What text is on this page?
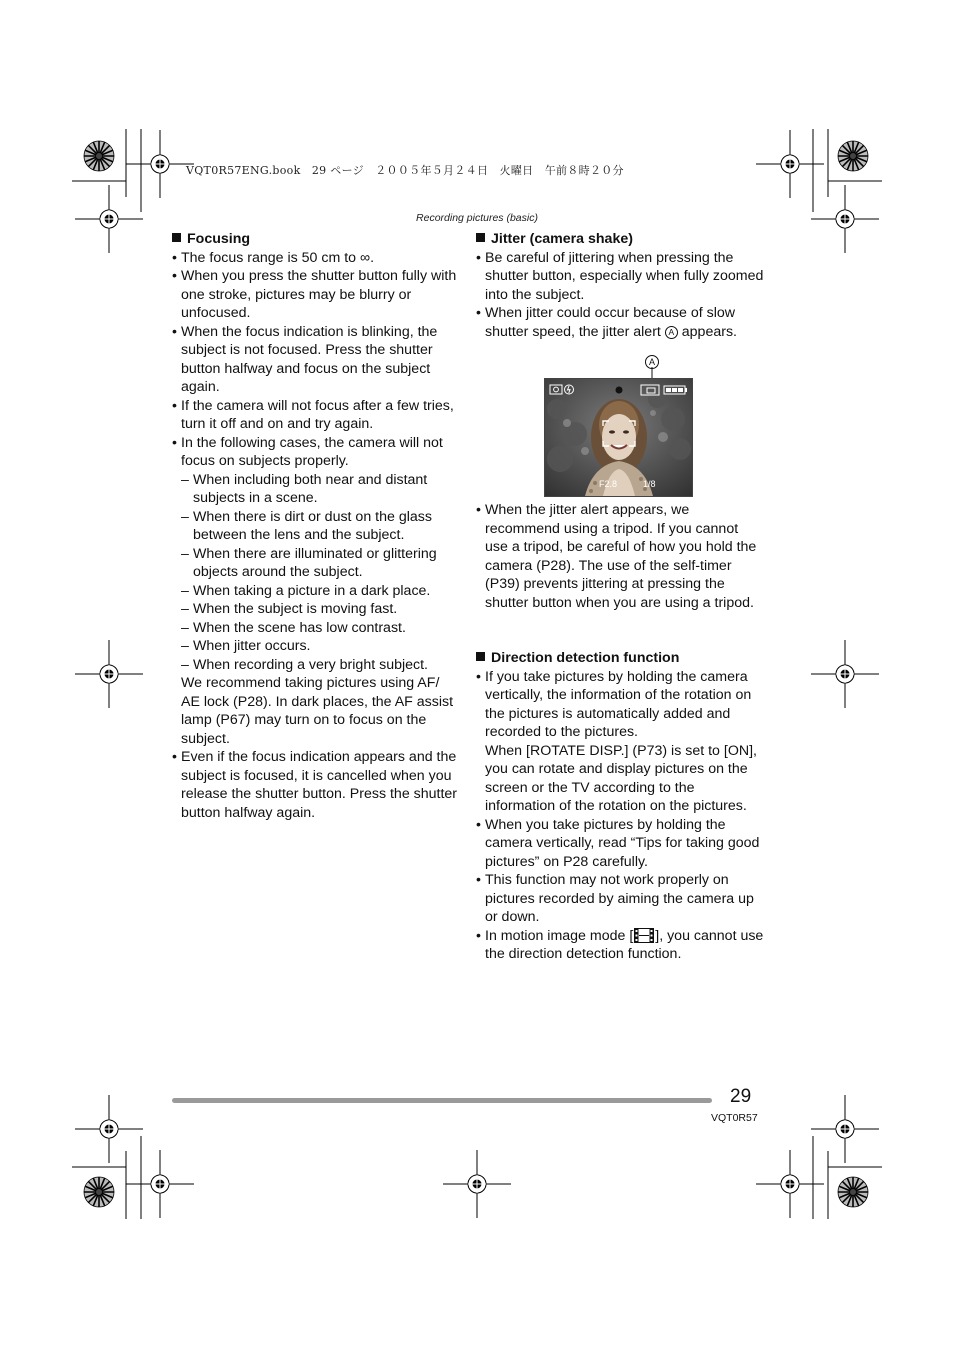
VQT0R57ENG.book　29 ページ　２００５年５月２４日　火曜日　午前８時２０分
Recording pictures (basic)

Focusing

• The focus range is 50 cm to ∞.
• When you press the shutter button fully with one stroke, pictures may be blurry or unfocused.
• When the focus indication is blinking, the subject is not focused. Press the shutter button halfway and focus on the subject again.
• If the camera will not focus after a few tries, turn it off and on and try again.
• In the following cases, the camera will not focus on subjects properly.
– When including both near and distant subjects in a scene.
– When there is dirt or dust on the glass between the lens and the subject.
– When there are illuminated or glittering objects around the subject.
– When taking a picture in a dark place.
– When the subject is moving fast.
– When the scene has low contrast.
– When jitter occurs.
– When recording a very bright subject.
We recommend taking pictures using AF/ AE lock (P28). In dark places, the AF assist lamp (P67) may turn on to focus on the subject.
• Even if the focus indication appears and the subject is focused, it is cancelled when you release the shutter button. Press the shutter button halfway again.

Jitter (camera shake)

• Be careful of jittering when pressing the shutter button, especially when fully zoomed into the subject.
• When jitter could occur because of slow shutter speed, the jitter alert A appears.
A
F2.8	1/8
• When the jitter alert appears, we recommend using a tripod. If you cannot use a tripod, be careful of how you hold the camera (P28). The use of the self-timer (P39) prevents jittering at pressing the shutter button when you are using a tripod.

Direction detection function

• If you take pictures by holding the camera vertically, the information of the rotation on the pictures is automatically added and recorded to the pictures.
When [ROTATE DISP.] (P73) is set to [ON], you can rotate and display pictures on the screen or the TV according to the information of the rotation on the pictures.
• When you take pictures by holding the camera vertically, read “Tips for taking good pictures” on P28 carefully.
• This function may not work properly on pictures recorded by aiming the camera up or down.
• In motion image mode [ ], you cannot use the direction detection function.
29
VQT0R57
